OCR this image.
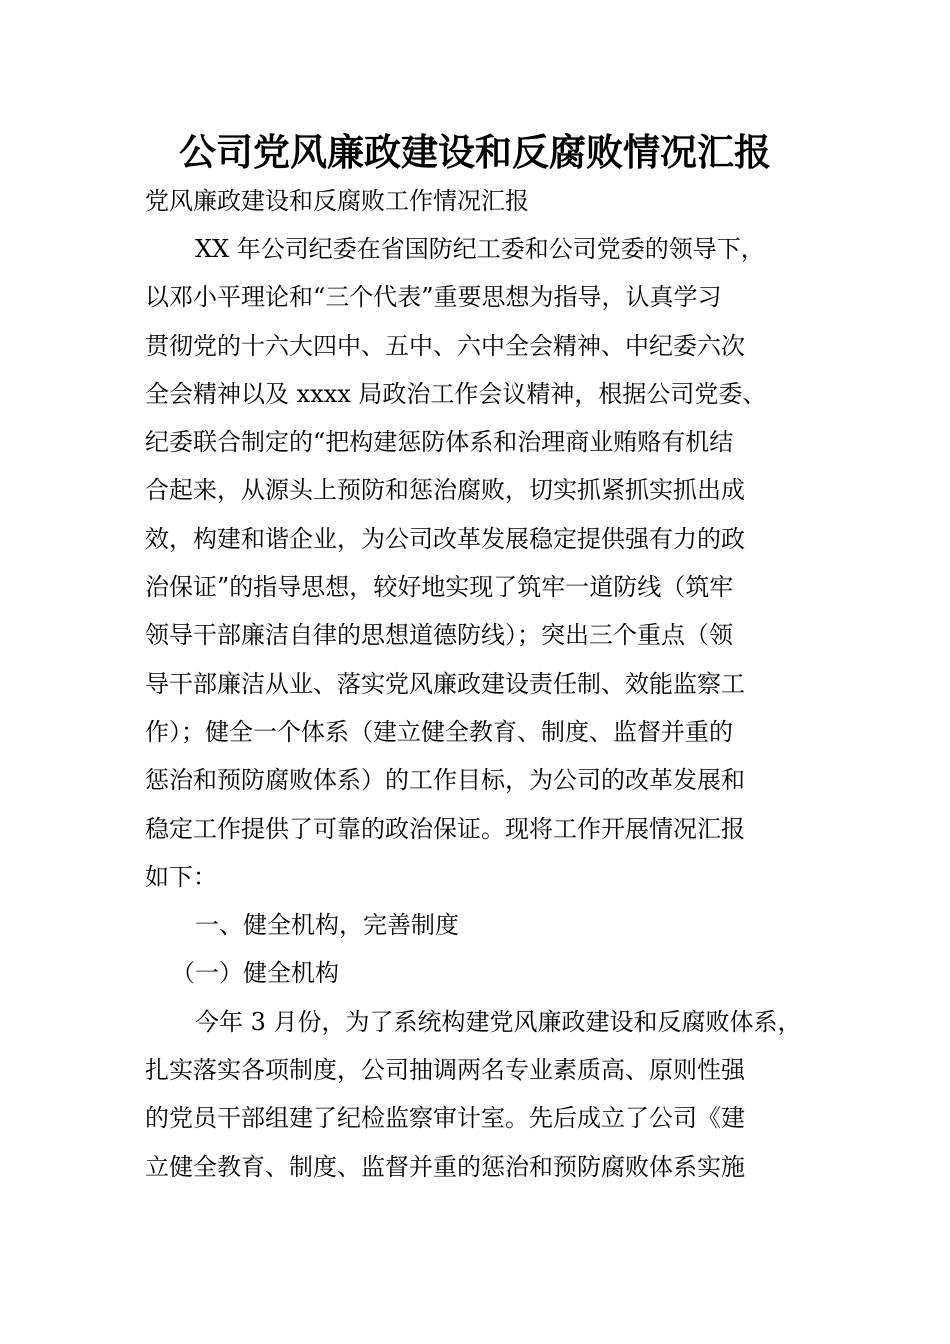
公司党风廉政建设和反腐败情况汇报
党风廉政建设和反腐败工作情况汇报
XX 年公司纪委在省国防纪工委和公司党委的领导下，
以邓小平理论和“三个代表”重要思想为指导，认真学习
贯彻党的十六大四中、五中、六中全会精神、中纪委六次
全会精神以及 xxxx 局政治工作会议精神，根据公司党委、
纪委联合制定的“把构建惩防体系和治理商业贿赂有机结
合起来，从源头上预防和惩治腐败，切实抓紧抓实抓出成
效，构建和谐企业，为公司改革发展稳定提供强有力的政
治保证”的指导思想，较好地实现了筑牢一道防线（筑牢
领导干部廉洁自律的思想道德防线）；突出三个重点（领
导干部廉洁从业、落实党风廉政建设责任制、效能监察工
作）；健全一个体系（建立健全教育、制度、监督并重的
惩治和预防腐败体系）的工作目标，为公司的改革发展和
稳定工作提供了可靠的政治保证。现将工作开展情况汇报
如下：
一、健全机构，完善制度
（一）健全机构
今年 3 月份，为了系统构建党风廉政建设和反腐败体系，
扎实落实各项制度，公司抽调两名专业素质高、原则性强
的党员干部组建了纪检监察审计室。先后成立了公司《建
立健全教育、制度、监督并重的惩治和预防腐败体系实施
